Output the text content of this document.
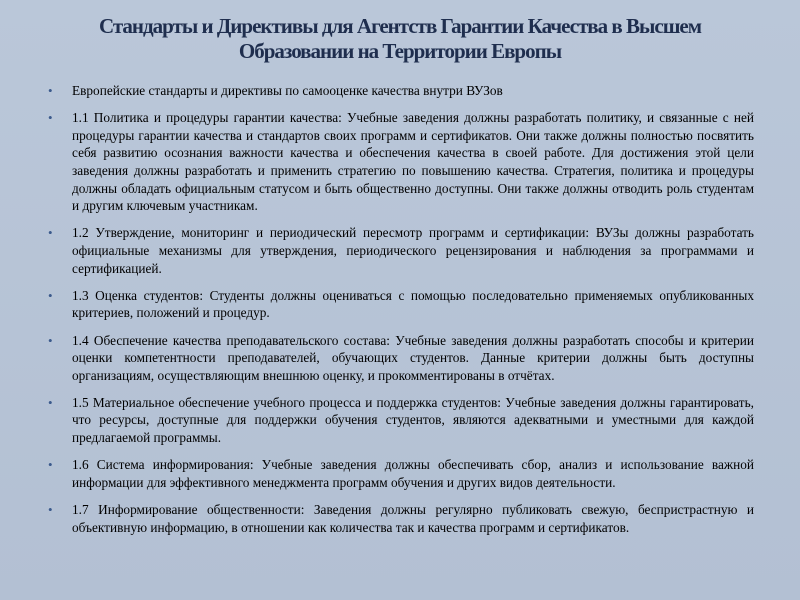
Стандарты и Директивы для Агентств Гарантии Качества в Высшем
Образовании на Территории Европы
• Европейские стандарты и директивы по самооценке качества внутри ВУЗов
• 1.1 Политика и процедуры гарантии качества: Учебные заведения должны разработать политику, и связанные с ней процедуры гарантии качества и стандартов своих программ и сертификатов. Они также должны полностью посвятить себя развитию осознания важности качества и обеспечения качества в своей работе. Для достижения этой цели заведения должны разработать и применить стратегию по повышению качества. Стратегия, политика и процедуры должны обладать официальным статусом и быть общественно доступны. Они также должны отводить роль студентам и другим ключевым участникам.
• 1.2 Утверждение, мониторинг и периодический пересмотр программ и сертификации: ВУЗы должны разработать официальные механизмы для утверждения, периодического рецензирования и наблюдения за программами и сертификацией.
• 1.3 Оценка студентов: Студенты должны оцениваться с помощью последовательно применяемых опубликованных критериев, положений и процедур.
• 1.4 Обеспечение качества преподавательского состава: Учебные заведения должны разработать способы и критерии оценки компетентности преподавателей, обучающих студентов. Данные критерии должны быть доступны организациям, осуществляющим внешнюю оценку, и прокомментированы в отчётах.
• 1.5 Материальное обеспечение учебного процесса и поддержка студентов: Учебные заведения должны гарантировать, что ресурсы, доступные для поддержки обучения студентов, являются адекватными и уместными для каждой предлагаемой программы.
• 1.6 Система информирования: Учебные заведения должны обеспечивать сбор, анализ и использование важной информации для эффективного менеджмента программ обучения и других видов деятельности.
• 1.7 Информирование общественности: Заведения должны регулярно публиковать свежую, беспристрастную и объективную информацию, в отношении как количества так и качества программ и сертификатов.
